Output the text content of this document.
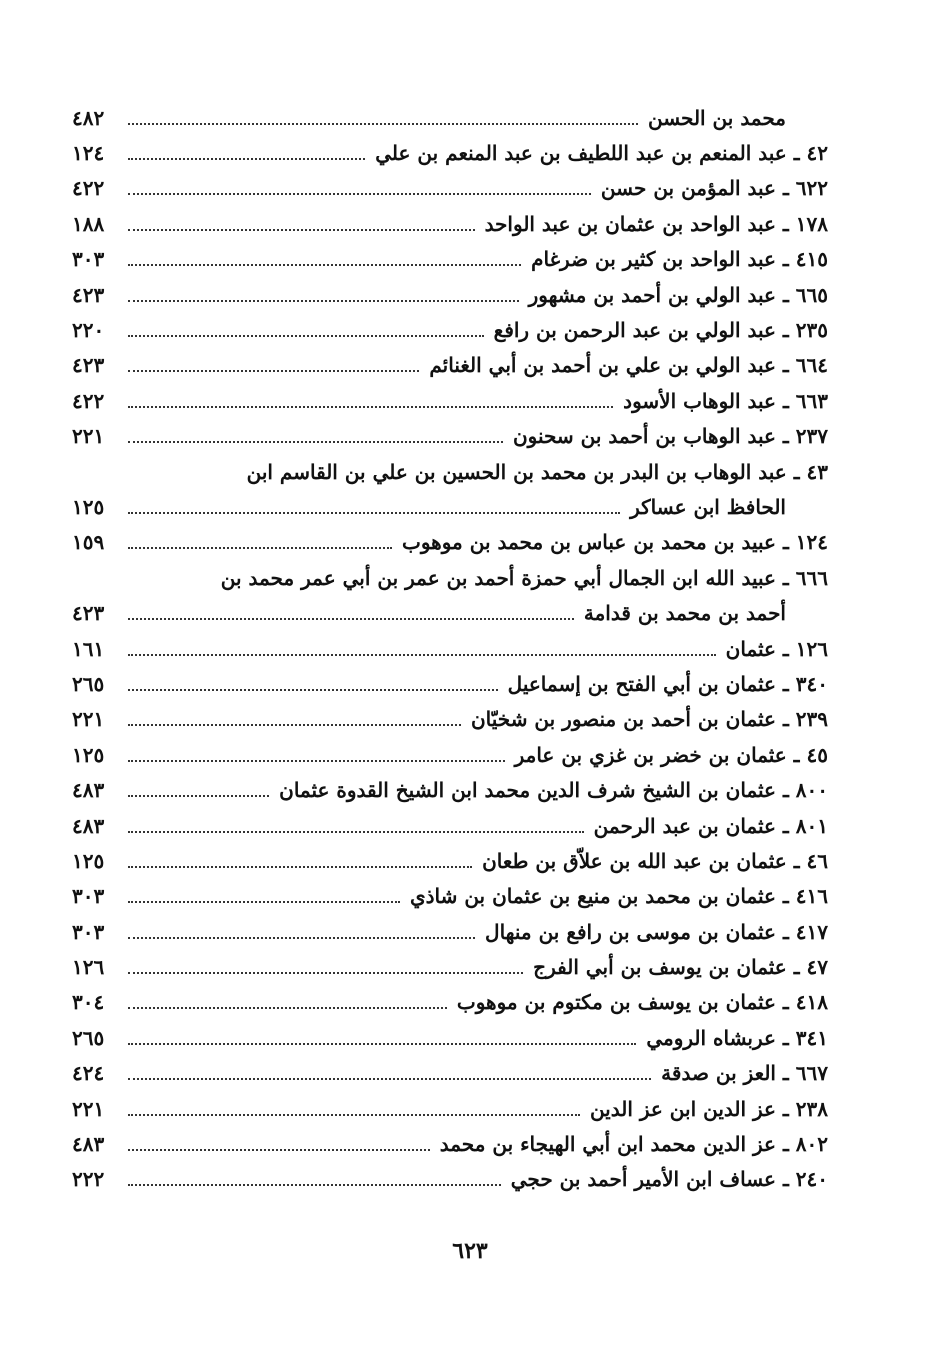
محمد بن الحسن
٤٨٢
٤٢ ـ عبد المنعم بن عبد اللطيف بن عبد المنعم بن علي
١٢٤
٦٢٢ ـ عبد المؤمن بن حسن
٤٢٢
١٧٨ ـ عبد الواحد بن عثمان بن عبد الواحد
١٨٨
٤١٥ ـ عبد الواحد بن كثير بن ضرغام
٣٠٣
٦٦٥ ـ عبد الولي بن أحمد بن مشهور
٤٢٣
٢٣٥ ـ عبد الولي بن عبد الرحمن بن رافع
٢٢٠
٦٦٤ ـ عبد الولي بن علي بن أحمد بن أبي الغنائم
٤٢٣
٦٦٣ ـ عبد الوهاب الأسود
٤٢٢
٢٣٧ ـ عبد الوهاب بن أحمد بن سحنون
٢٢١
٤٣ ـ عبد الوهاب بن البدر بن محمد بن الحسين بن علي بن القاسم ابن
الحافظ ابن عساكر
١٢٥
١٢٤ ـ عبيد بن محمد بن عباس بن محمد بن موهوب
١٥٩
٦٦٦ ـ عبيد الله ابن الجمال أبي حمزة أحمد بن عمر بن أبي عمر محمد بن
أحمد بن محمد بن قدامة
٤٢٣
١٢٦ ـ عثمان
١٦١
٣٤٠ ـ عثمان بن أبي الفتح بن إسماعيل
٢٦٥
٢٣٩ ـ عثمان بن أحمد بن منصور بن شخيّان
٢٢١
٤٥ ـ عثمان بن خضر بن غزي بن عامر
١٢٥
٨٠٠ ـ عثمان بن الشيخ شرف الدين محمد ابن الشيخ القدوة عثمان
٤٨٣
٨٠١ ـ عثمان بن عبد الرحمن
٤٨٣
٤٦ ـ عثمان بن عبد الله بن علاّق بن طعان
١٢٥
٤١٦ ـ عثمان بن محمد بن منيع بن عثمان بن شاذي
٣٠٣
٤١٧ ـ عثمان بن موسى بن رافع بن منهال
٣٠٣
٤٧ ـ عثمان بن يوسف بن أبي الفرج
١٢٦
٤١٨ ـ عثمان بن يوسف بن مكتوم بن موهوب
٣٠٤
٣٤١ ـ عربشاه الرومي
٢٦٥
٦٦٧ ـ العز بن صدقة
٤٢٤
٢٣٨ ـ عز الدين ابن عز الدين
٢٢١
٨٠٢ ـ عز الدين محمد ابن أبي الهيجاء بن محمد
٤٨٣
٢٤٠ ـ عساف ابن الأمير أحمد بن حجي
٢٢٢
٦٢٣
